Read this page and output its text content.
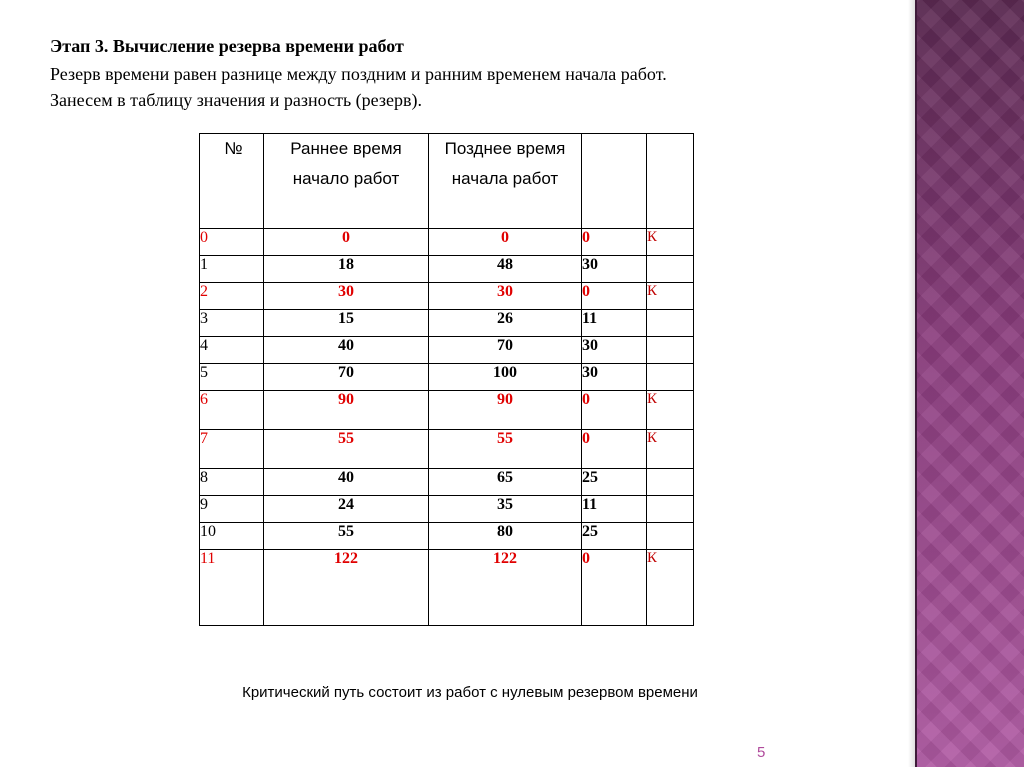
Этап 3. Вычисление резерва времени работ
Резерв времени равен разнице между поздним и ранним временем начала работ.
Занесем в таблицу значения и разность (резерв).
№	Раннее время начало работ	Позднее время начала работ		
0	0	0	0	К
1	18	48	30	
2	30	30	0	К
3	15	26	11	
4	40	70	30	
5	70	100	30	
6	90	90	0	К
7	55	55	0	К
8	40	65	25	
9	24	35	11	
10	55	80	25	
11	122	122	0	К
Критический путь состоит из работ с нулевым резервом времени
5
